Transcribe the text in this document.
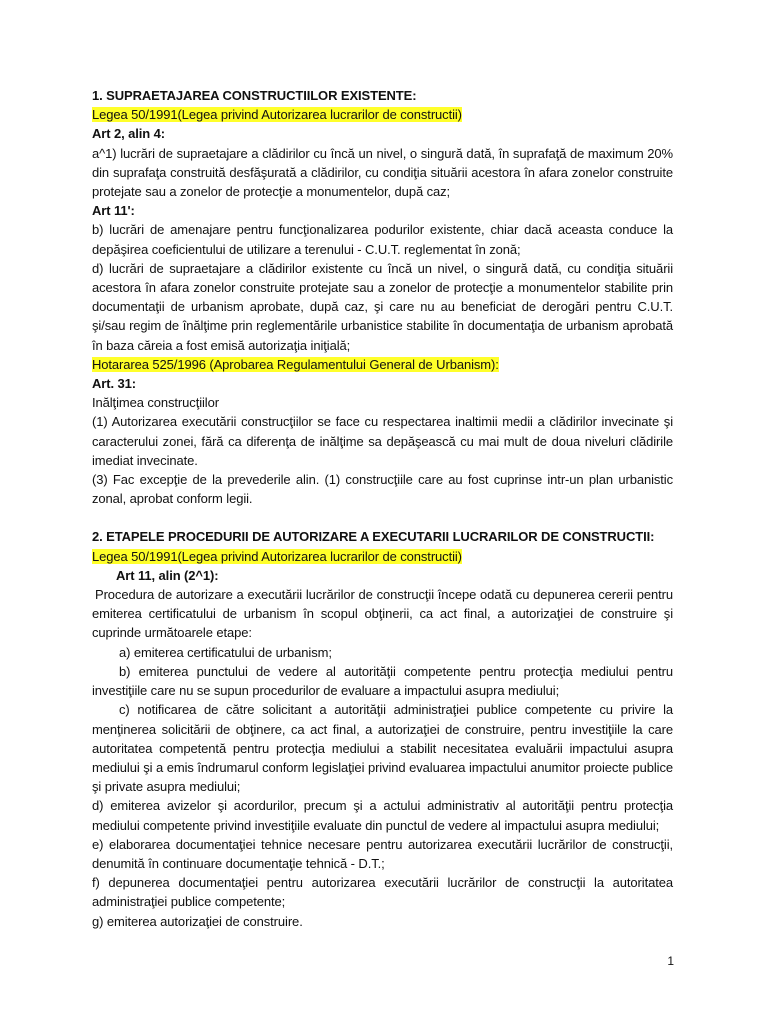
1. SUPRAETAJAREA CONSTRUCTIILOR EXISTENTE:

Legea 50/1991(Legea privind Autorizarea lucrarilor de constructii)

Art 2, alin 4:

a^1) lucrări de supraetajare a clădirilor cu încă un nivel, o singură dată, în suprafaţă de maximum 20% din suprafaţa construită desfăşurată a clădirilor, cu condiţia situării acestora în afara zonelor construite protejate sau a zonelor de protecţie a monumentelor, după caz;

Art 11':

b) lucrări de amenajare pentru funcţionalizarea podurilor existente, chiar dacă aceasta conduce la depăşirea coeficientului de utilizare a terenului - C.U.T. reglementat în zonă;

d) lucrări de supraetajare a clădirilor existente cu încă un nivel, o singură dată, cu condiţia situării acestora în afara zonelor construite protejate sau a zonelor de protecţie a monumentelor stabilite prin documentaţii de urbanism aprobate, după caz, şi care nu au beneficiat de derogări pentru C.U.T. şi/sau regim de înălţime prin reglementările urbanistice stabilite în documentaţia de urbanism aprobată în baza căreia a fost emisă autorizaţia iniţială;

Hotararea 525/1996 (Aprobarea Regulamentului General de Urbanism):

Art. 31:

Inălţimea construcţiilor

(1) Autorizarea executării construcţiilor se face cu respectarea inaltimii medii a clădirilor invecinate şi caracterului zonei, fără ca diferenţa de inălţime sa depăşească cu mai mult de doua niveluri clădirile imediat invecinate.

(3) Fac excepţie de la prevederile alin. (1) construcţiile care au fost cuprinse intr-un plan urbanistic zonal, aprobat conform legii.

2. ETAPELE PROCEDURII DE AUTORIZARE A EXECUTARII LUCRARILOR DE CONSTRUCTII:

Legea 50/1991(Legea privind Autorizarea lucrarilor de constructii)

Art 11, alin (2^1):

Procedura de autorizare a executării lucrărilor de construcţii începe odată cu depunerea cererii pentru emiterea certificatului de urbanism în scopul obţinerii, ca act final, a autorizaţiei de construire şi cuprinde următoarele etape:

a) emiterea certificatului de urbanism;

b) emiterea punctului de vedere al autorităţii competente pentru protecţia mediului pentru investiţiile care nu se supun procedurilor de evaluare a impactului asupra mediului;

c) notificarea de către solicitant a autorităţii administraţiei publice competente cu privire la menţinerea solicitării de obţinere, ca act final, a autorizaţiei de construire, pentru investiţiile la care autoritatea competentă pentru protecţia mediului a stabilit necesitatea evaluării impactului asupra mediului şi a emis îndrumarul conform legislaţiei privind evaluarea impactului anumitor proiecte publice şi private asupra mediului;

d) emiterea avizelor şi acordurilor, precum şi a actului administrativ al autorităţii pentru protecţia mediului competente privind investiţiile evaluate din punctul de vedere al impactului asupra mediului;

e) elaborarea documentaţiei tehnice necesare pentru autorizarea executării lucrărilor de construcţii, denumită în continuare documentaţie tehnică - D.T.;

f) depunerea documentaţiei pentru autorizarea executării lucrărilor de construcţii la autoritatea administraţiei publice competente;

g) emiterea autorizaţiei de construire.

1
